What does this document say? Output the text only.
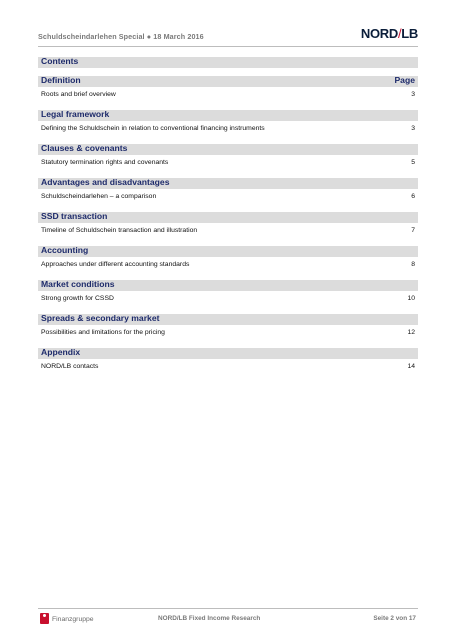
Schuldscheindarlehen Special ● 18 March 2016	NORD/LB
Contents
Definition	Page
Roots and brief overview	3
Legal framework
Defining the Schuldschein in relation to conventional financing instruments	3
Clauses & covenants
Statutory termination rights and covenants	5
Advantages and disadvantages
Schuldscheindarlehen – a comparison	6
SSD transaction
Timeline of Schuldschein transaction and illustration	7
Accounting
Approaches under different accounting standards	8
Market conditions
Strong growth for CSSD	10
Spreads & secondary market
Possibilities and limitations for the pricing	12
Appendix
NORD/LB contacts	14
Finanzgruppe	NORD/LB Fixed Income Research	Seite 2 von 17
